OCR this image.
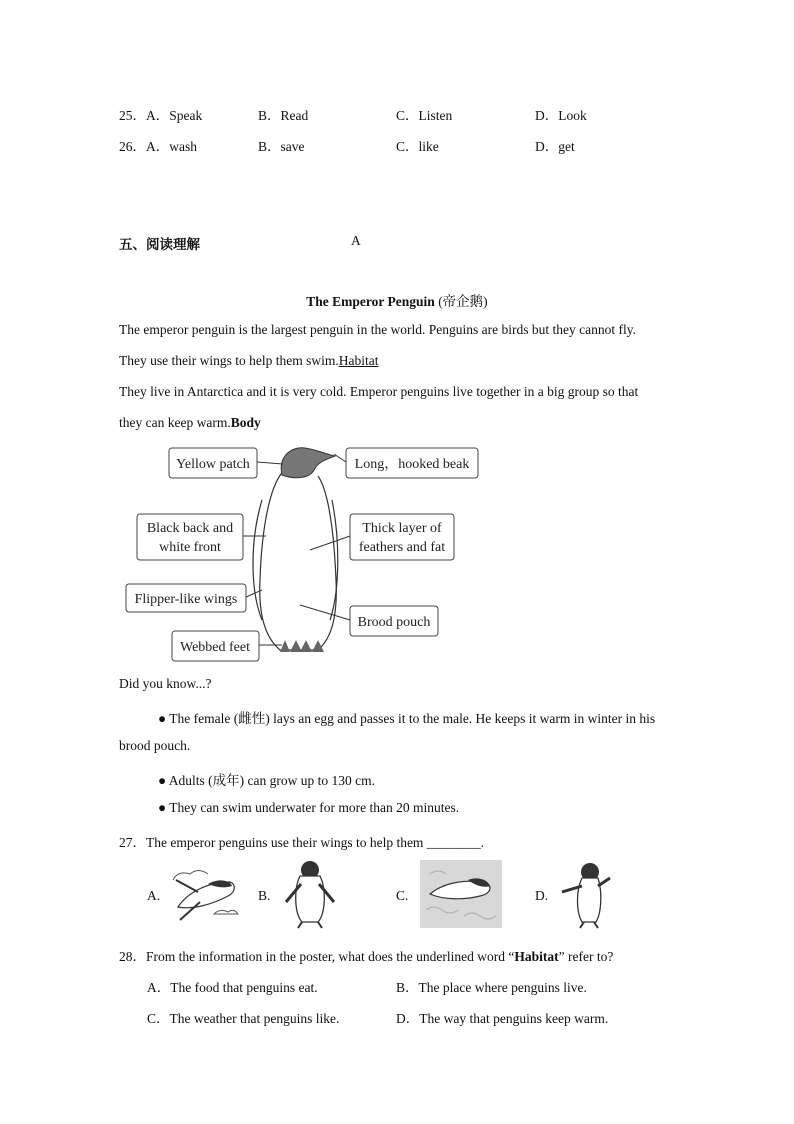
25．A．Speak	B．Read	C．Listen	D．Look
26．A．wash	B．save	C．like	D．get
五、阅读理解	A
The Emperor Penguin (帝企鹅)
The emperor penguin is the largest penguin in the world. Penguins are birds but they cannot fly.
They use their wings to help them swim.Habitat
They live in Antarctica and it is very cold. Emperor penguins live together in a big group so that
they can keep warm.Body
Yellow patch	Long，hooked beak
Black back and
white front
Thick layer of
feathers and fat
Flipper-like wings
Brood pouch
Webbed feet
Did you know...?
● The female (雌性) lays an egg and passes it to the male. He keeps it warm in winter in his
brood pouch.
● Adults (成年) can grow up to 130 cm.
● They can swim underwater for more than 20 minutes.
27．The emperor penguins use their wings to help them ________.
A.	B.	C.	D.
28．From the information in the poster, what does the underlined word “Habitat” refer to?
A．The food that penguins eat.	B．The place where penguins live.
C．The weather that penguins like.	D．The way that penguins keep warm.
